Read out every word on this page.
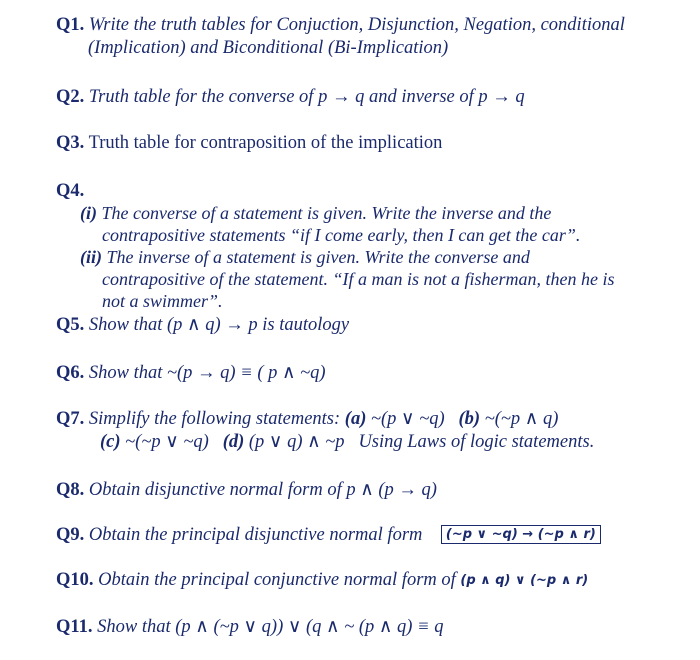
Q1. Write the truth tables for Conjuction, Disjunction, Negation, conditional
(Implication) and Biconditional (Bi-Implication)
Q2. Truth table for the converse of p → q and inverse of p → q
Q3. Truth table for contraposition of the implication
Q4.
(i) The converse of a statement is given. Write the inverse and the
contrapositive statements “if I come early, then I can get the car”.
(ii) The inverse of a statement is given. Write the converse and
contrapositive of the statement. “If a man is not a fisherman, then he is
not a swimmer”.
Q5. Show that (p ∧ q) → p is tautology
Q6. Show that ~(p → q) ≡ ( p ∧ ~q)
Q7. Simplify the following statements: (a) ~(p ∨ ~q) (b) ~(~p ∧ q)
(c) ~(~p ∨ ~q) (d) (p ∨ q) ∧ ~p Using Laws of logic statements.
Q8. Obtain disjunctive normal form of p ∧ (p → q)
Q9. Obtain the principal disjunctive normal form (~p ∨ ~q) → (~p ∧ r)
Q10. Obtain the principal conjunctive normal form of (p ∧ q) ∨ (~p ∧ r)
Q11. Show that (p ∧ (~p ∨ q)) ∨ (q ∧ ~ (p ∧ q) ≡ q
